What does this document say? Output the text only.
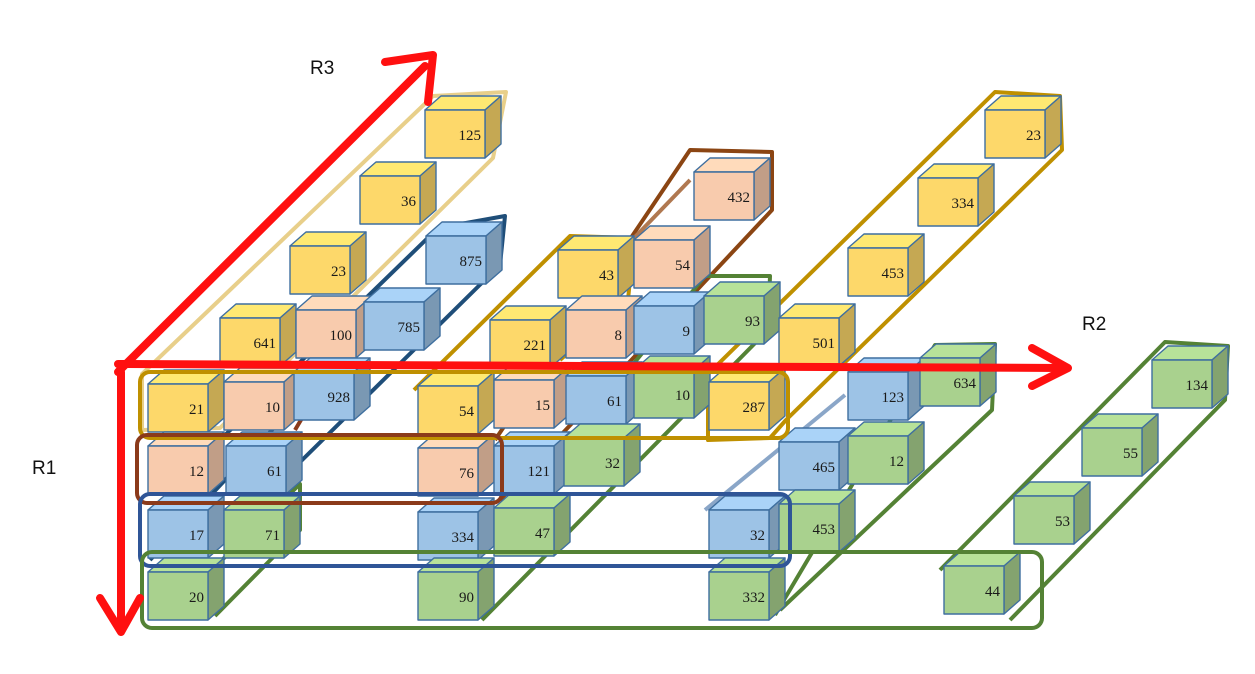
125
36
23
641
21
100
10
12
875
785
928
61
17	71
20
43
221
54
432
54
8
15
76
9
61
121
334
93
10
32
47
90
23
334
453
501
287
123
465
32
634
12
453
332
134
55
53
44
R3
R2
R1
